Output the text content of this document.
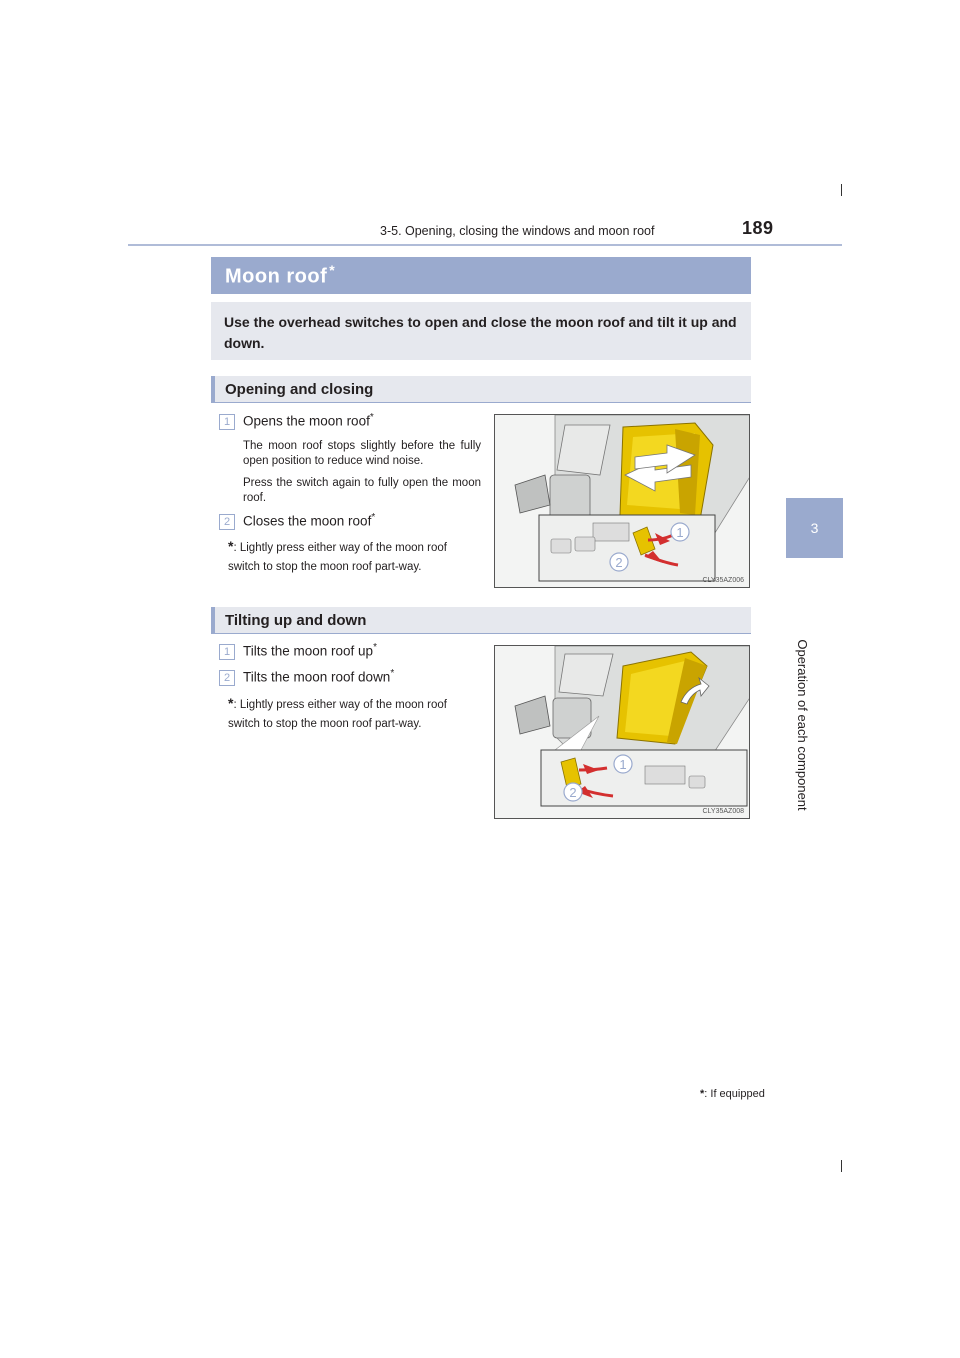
3-5. Opening, closing the windows and moon roof	189
3
Operation of each component
Moon roof *

Use the overhead switches to open and close the moon roof and tilt it up and down.

Opening and closing
1 Opens the moon roof*
The moon roof stops slightly before the fully open position to reduce wind noise.
Press the switch again to fully open the moon roof.
2 Closes the moon roof*
*: Lightly press either way of the moon roof switch to stop the moon roof part-way.
1
2
CLY35AZ006
Tilting up and down
1 Tilts the moon roof up*
2 Tilts the moon roof down*
*: Lightly press either way of the moon roof switch to stop the moon roof part-way.
1
2
CLY35AZ008
*: If equipped
